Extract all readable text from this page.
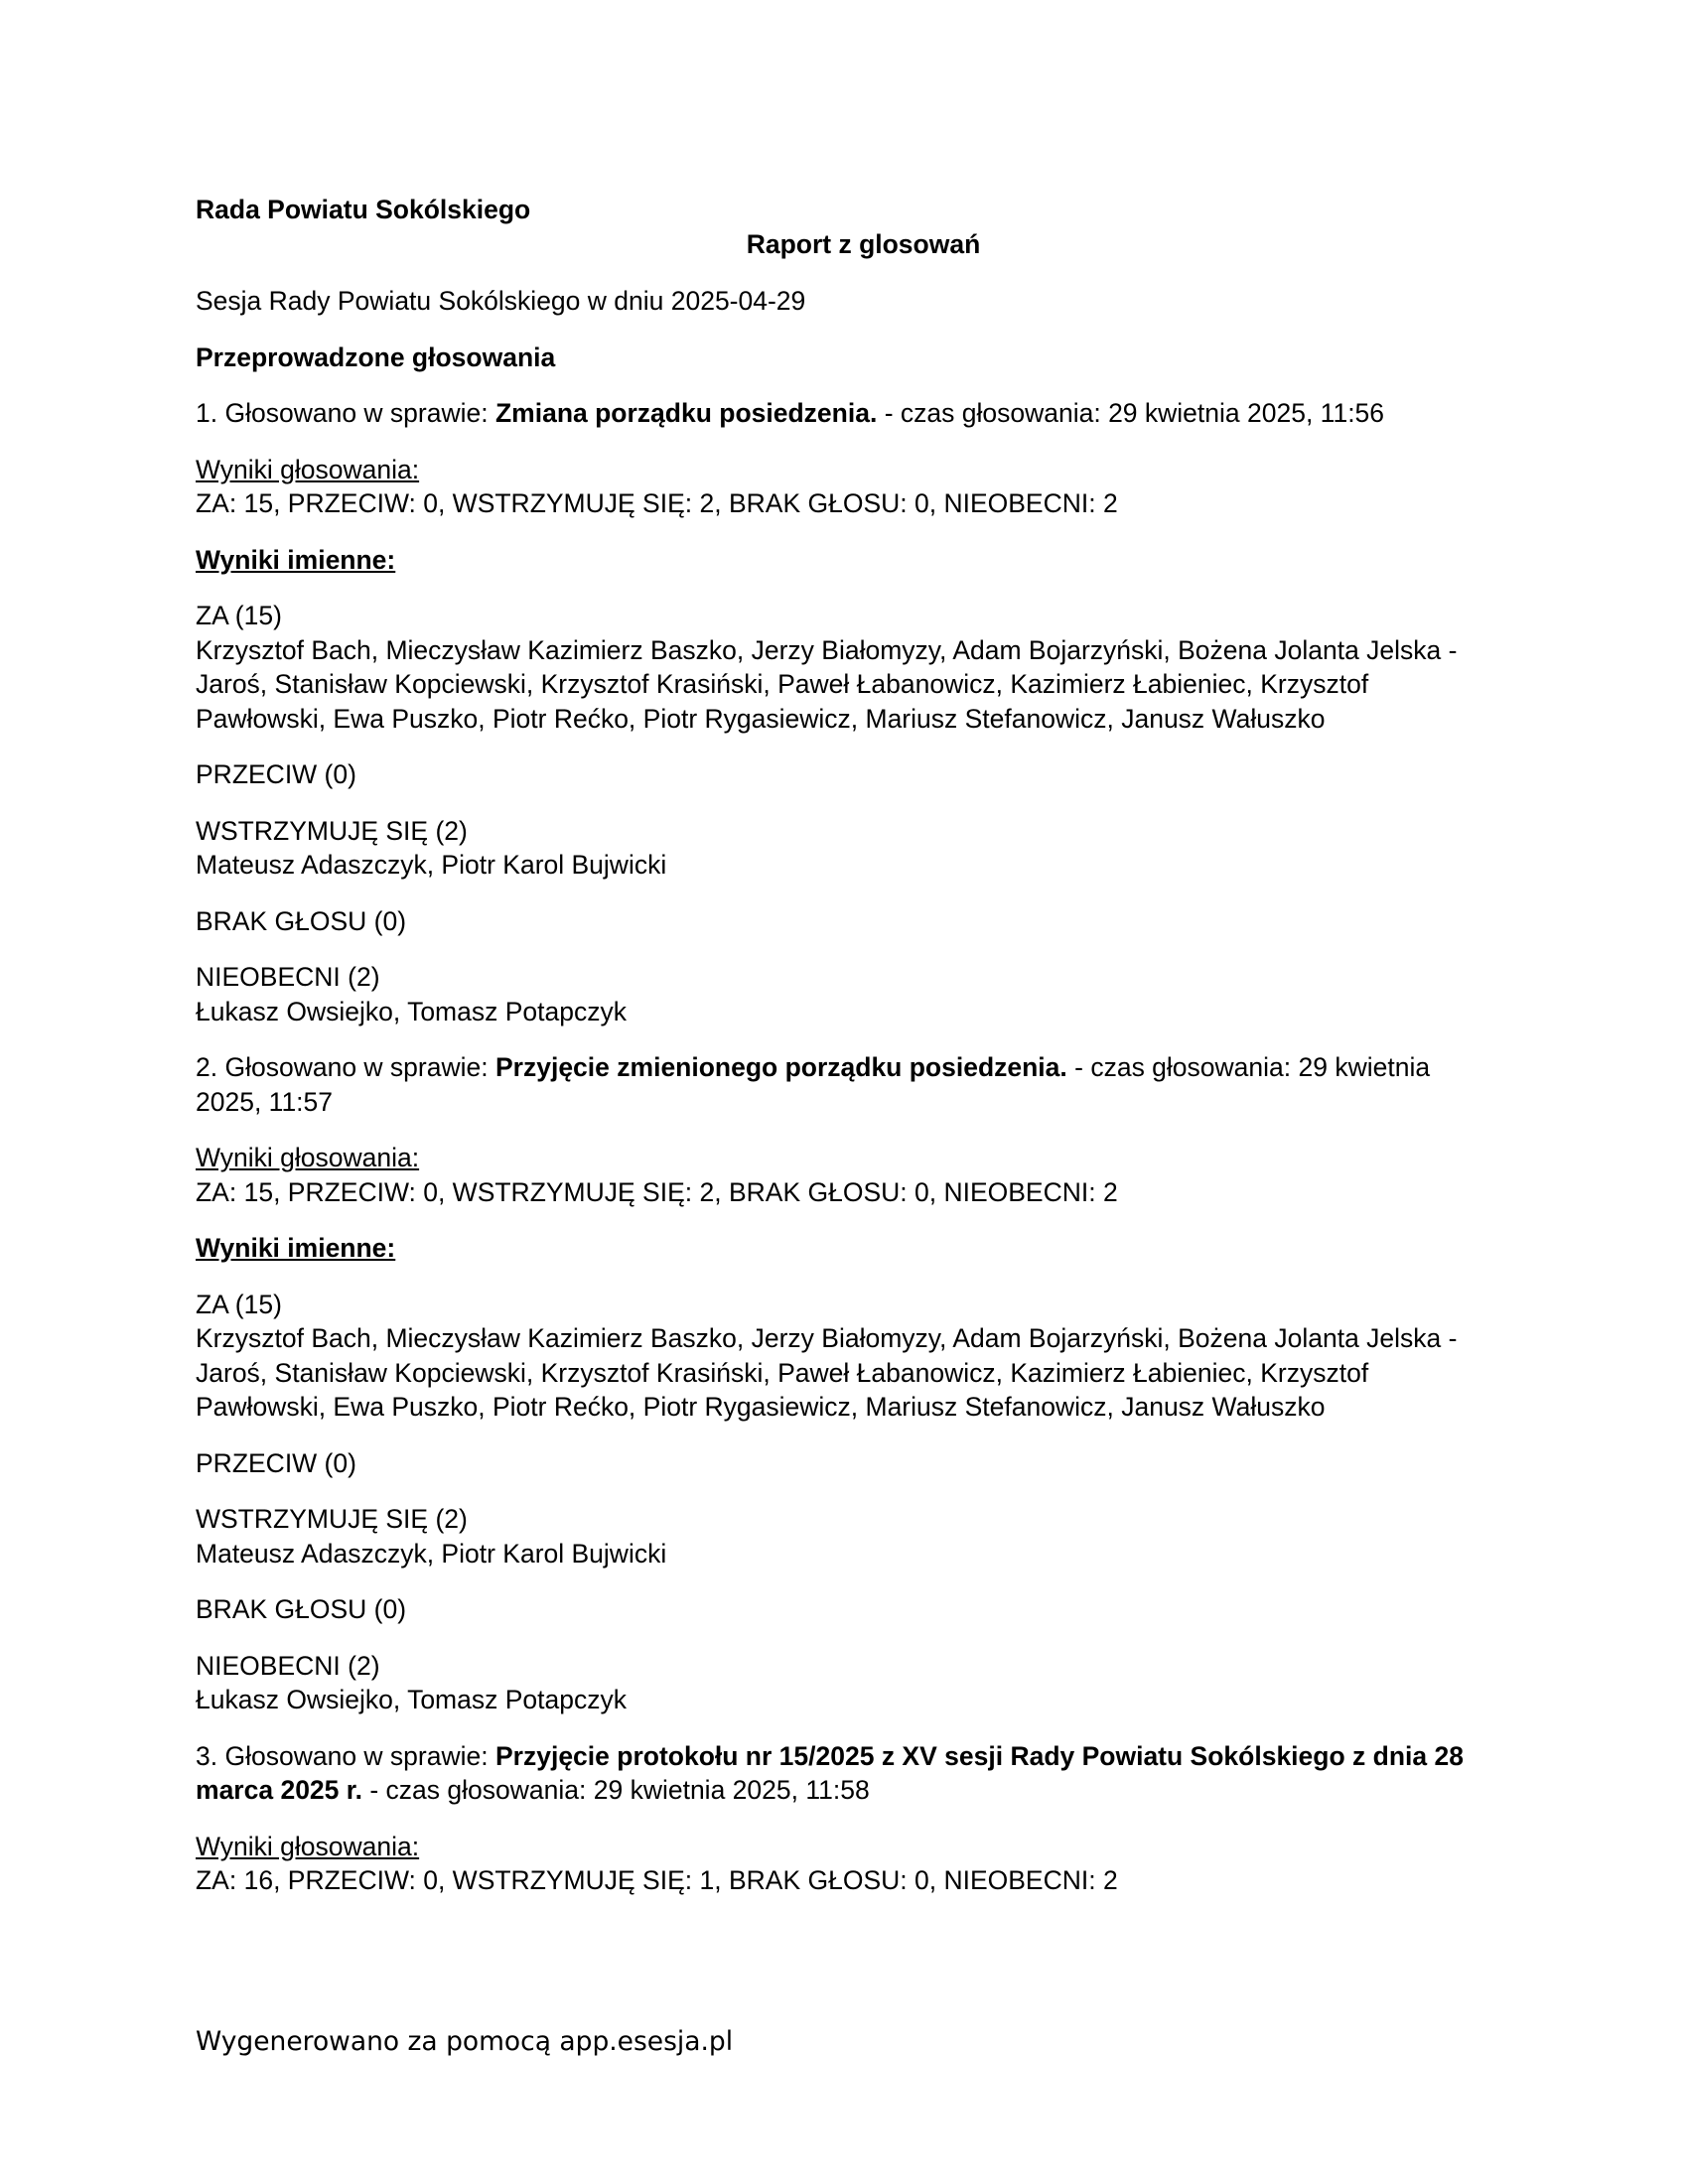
Rada Powiatu Sokólskiego

Raport z glosowań

Sesja Rady Powiatu Sokólskiego w dniu 2025-04-29

Przeprowadzone głosowania

1. Głosowano w sprawie: Zmiana porządku posiedzenia. - czas głosowania: 29 kwietnia 2025, 11:56

Wyniki głosowania:

ZA: 15, PRZECIW: 0, WSTRZYMUJĘ SIĘ: 2, BRAK GŁOSU: 0, NIEOBECNI: 2

Wyniki imienne:

ZA (15)

Krzysztof Bach, Mieczysław Kazimierz Baszko, Jerzy Białomyzy, Adam Bojarzyński, Bożena Jolanta Jelska - Jaroś, Stanisław Kopciewski, Krzysztof Krasiński, Paweł Łabanowicz, Kazimierz Łabieniec, Krzysztof Pawłowski, Ewa Puszko, Piotr Rećko, Piotr Rygasiewicz, Mariusz Stefanowicz, Janusz Wałuszko

PRZECIW (0)

WSTRZYMUJĘ SIĘ (2)

Mateusz Adaszczyk, Piotr Karol Bujwicki

BRAK GŁOSU (0)

NIEOBECNI (2)

Łukasz Owsiejko, Tomasz Potapczyk

2. Głosowano w sprawie: Przyjęcie zmienionego porządku posiedzenia. - czas głosowania: 29 kwietnia 2025, 11:57

Wyniki głosowania:

ZA: 15, PRZECIW: 0, WSTRZYMUJĘ SIĘ: 2, BRAK GŁOSU: 0, NIEOBECNI: 2

Wyniki imienne:

ZA (15)

Krzysztof Bach, Mieczysław Kazimierz Baszko, Jerzy Białomyzy, Adam Bojarzyński, Bożena Jolanta Jelska - Jaroś, Stanisław Kopciewski, Krzysztof Krasiński, Paweł Łabanowicz, Kazimierz Łabieniec, Krzysztof Pawłowski, Ewa Puszko, Piotr Rećko, Piotr Rygasiewicz, Mariusz Stefanowicz, Janusz Wałuszko

PRZECIW (0)

WSTRZYMUJĘ SIĘ (2)

Mateusz Adaszczyk, Piotr Karol Bujwicki

BRAK GŁOSU (0)

NIEOBECNI (2)

Łukasz Owsiejko, Tomasz Potapczyk

3. Głosowano w sprawie: Przyjęcie protokołu nr 15/2025 z XV sesji Rady Powiatu Sokólskiego z dnia 28 marca 2025 r. - czas głosowania: 29 kwietnia 2025, 11:58

Wyniki głosowania:

ZA: 16, PRZECIW: 0, WSTRZYMUJĘ SIĘ: 1, BRAK GŁOSU: 0, NIEOBECNI: 2

Wygenerowano za pomocą app.esesja.pl
